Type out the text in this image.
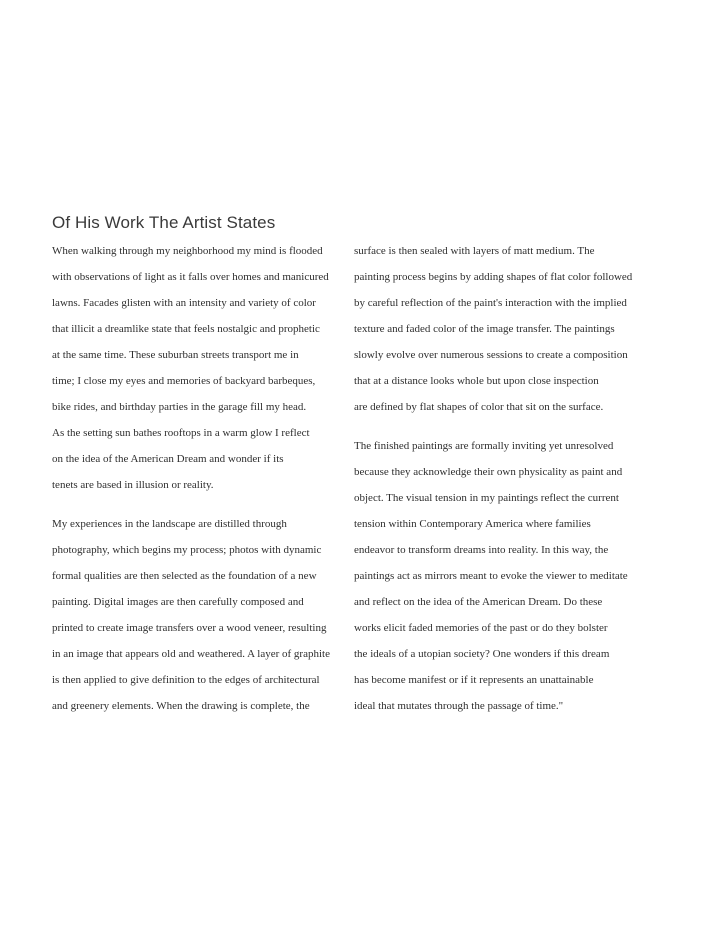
Of His Work The Artist States
When walking through my neighborhood my mind is flooded
with observations of light as it falls over homes and manicured
lawns. Facades glisten with an intensity and variety of color
that illicit a dreamlike state that feels nostalgic and prophetic
at the same time. These suburban streets transport me in
time; I close my eyes and memories of backyard barbeques,
bike rides, and birthday parties in the garage fill my head.
As the setting sun bathes rooftops in a warm glow I reflect
on the idea of the American Dream and wonder if its
tenets are based in illusion or reality.
My experiences in the landscape are distilled through
photography, which begins my process; photos with dynamic
formal qualities are then selected as the foundation of a new
painting. Digital images are then carefully composed and
printed to create image transfers over a wood veneer, resulting
in an image that appears old and weathered. A layer of graphite
is then applied to give definition to the edges of architectural
and greenery elements. When the drawing is complete, the
surface is then sealed with layers of matt medium. The
painting process begins by adding shapes of flat color followed
by careful reflection of the paint's interaction with the implied
texture and faded color of the image transfer. The paintings
slowly evolve over numerous sessions to create a composition
that at a distance looks whole but upon close inspection
are defined by flat shapes of color that sit on the surface.
The finished paintings are formally inviting yet unresolved
because they acknowledge their own physicality as paint and
object. The visual tension in my paintings reflect the current
tension within Contemporary America where families
endeavor to transform dreams into reality. In this way, the
paintings act as mirrors meant to evoke the viewer to meditate
and reflect on the idea of the American Dream. Do these
works elicit faded memories of the past or do they bolster
the ideals of a utopian society? One wonders if this dream
has become manifest or if it represents an unattainable
ideal that mutates through the passage of time."
